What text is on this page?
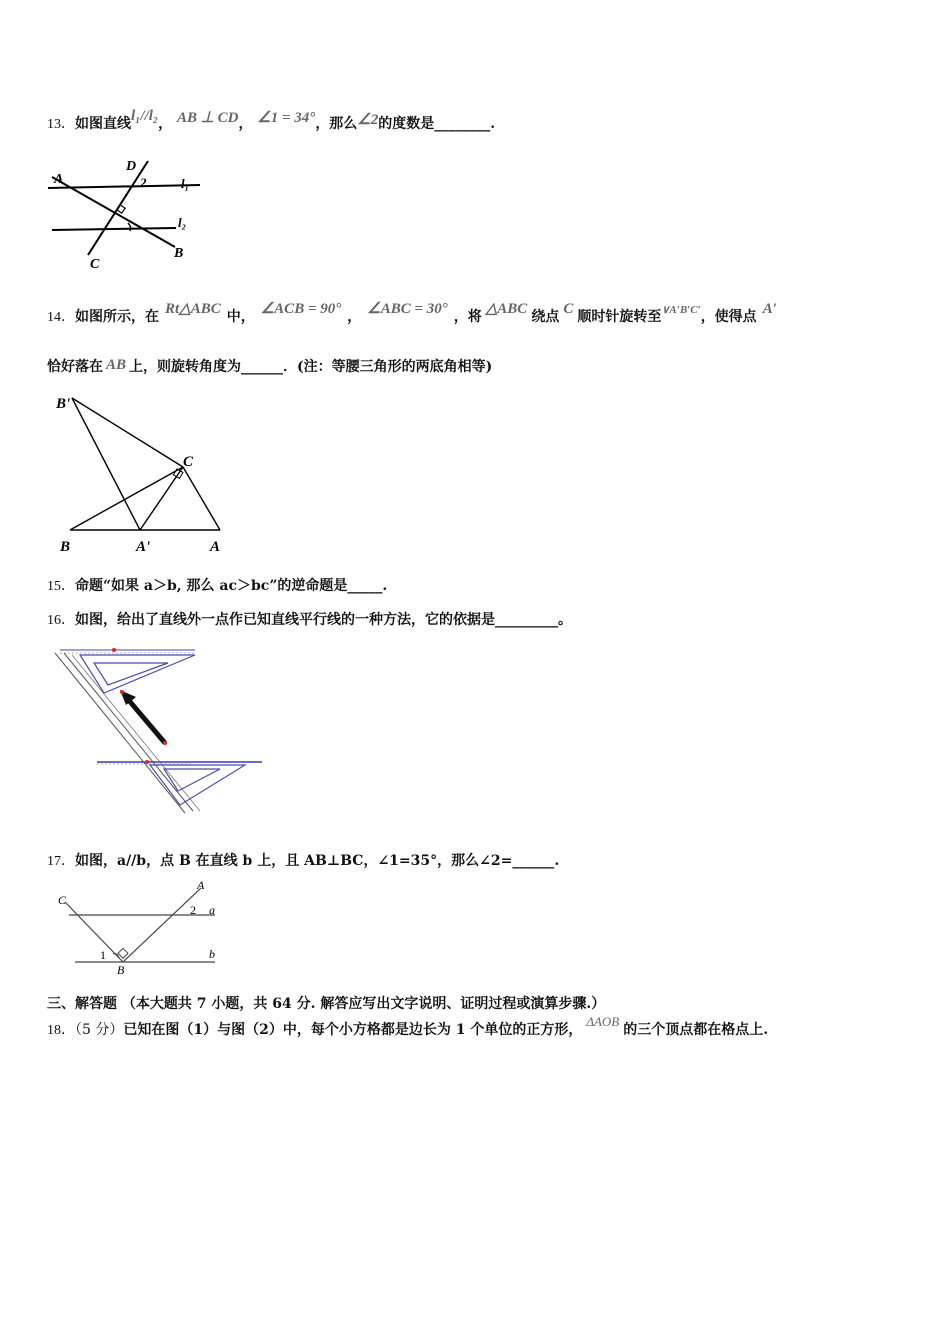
13．如图直线l₁//l₂， AB ⊥ CD， ∠1 = 34°，那么∠2的度数是________.
A
D
2	l₁
l₂
C
B
14．如图所示，在 Rt△ABC 中， ∠ACB = 90° ， ∠ABC = 30° ，将 △ABC 绕点 C 顺时针旋转至$^{\vee A'B'C'}$，使得点 A′
恰好落在 AB 上，则旋转角度为______．(注：等腰三角形的两底角相等)
B'
C
B	A'	A
15．命题“如果 a＞b, 那么 ac＞bc”的逆命题是_____.
16．如图，给出了直线外一点作已知直线平行线的一种方法，它的依据是_________。
17．如图，a//b，点 B 在直线 b 上，且 AB⊥BC，∠1=35°，那么∠2=______.
C
A
a
2
1
B
b
三、解答题 （本大题共 7 小题，共 64 分. 解答应写出文字说明、证明过程或演算步骤.）
18．（5 分）已知在图（1）与图（2）中，每个小方格都是边长为 1 个单位的正方形，ΔAOB的三个顶点都在格点上.
